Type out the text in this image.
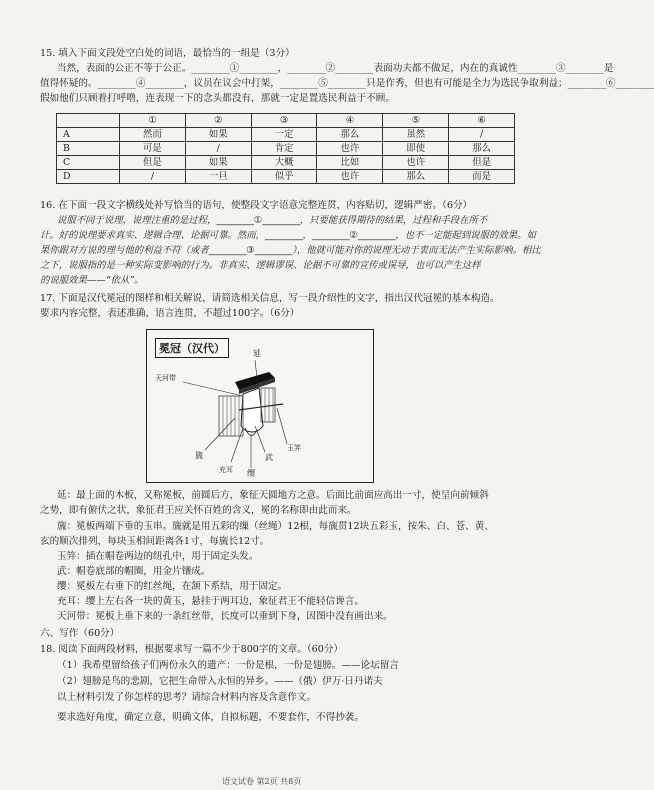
15. 填入下面文段处空白处的词语，最恰当的一组是（3分）
当然，表面的公正不等于公正。________①________，________②________表面功夫都不做足，内在的真诚性________③________是
值得怀疑的。________④________，议员在议会中打架，________⑤________只是作秀，但也有可能是全力为选民争取利益；________⑥________
假如他们只顾着打呼噜，连表现一下的念头都没有，那就一定是置选民利益于不顾。
	①	②	③	④	⑤	⑥
A	然而	如果	一定	那么	虽然	/
B	可是	/	肯定	也许	即使	那么
C	但是	如果	大概	比如	也许	但是
D	/	一旦	似乎	也许	那么	而是
16. 在下面一段文字横线处补写恰当的语句，使整段文字语意完整连贯，内容贴切，逻辑严密。（6分）
说服不同于说理，说理注重的是过程，________①________，只要能获得期待的结果，过程和手段在所不
计。好的说理要求真实、逻辑合理、论据可靠。然而，________，________②________，也不一定能起到说服的效果。如
果你跟对方说的理与他的利益不符（或者________③________），他就可能对你的说理无动于衷而无法产生实际影响。相比
之下，说服指的是一种实际变影响的行为。非真实、逻辑谬误、论据不可靠的宣传或误导，也可以产生这样
的说服效果——“依从”。
17. 下面是汉代冕冠的图样和相关解说，请简选相关信息，写一段介绍性的文字，指出汉代冠冕的基本构造。
要求内容完整，表述准确，语言连贯，不超过100字。（6分）
冕冠（汉代）	延
天河带
旒
玉笄
充耳 缨
武
延：最上面的木板，又称冕板，前圆后方，象征天圆地方之意。后面比前面应高出一寸，使呈向前倾斜
之势，即有俯伏之状，象征君王应关怀百姓的含义，冕的名称即由此而来。
旒：冕板两端下垂的玉串。旒就是用五彩的缫（丝绳）12根，每旒贯12块五彩玉，按朱、白、苍、黄、
玄的顺次排列，每块玉相间距离各1寸，每旒长12寸。
玉笄：插在帽卷两边的纽孔中，用于固定头发。
武：帽卷底部的帽圈，用金片镶成。
缨：冕板左右垂下的红丝绳，在颔下系结，用于固定。
充耳：缨上左右各一块的黄玉，悬挂于两耳边，象征君王不能轻信谗言。
天河带：冕板上垂下来的一条红丝带，长度可以垂到下身，因图中没有画出来。
六、写作（60分）
18. 阅读下面两段材料，根据要求写一篇不少于800字的文章。（60分）
（1）我希望留给孩子们两份永久的遗产：一份是根，一份是翅膀。——论坛留言
（2）翅膀是鸟的悲剧，它把生命带入永恒的异乡。——（俄）伊万·日丹诺夫
以上材料引发了你怎样的思考？请综合材料内容及含意作文。
要求选好角度，确定立意，明确文体，自拟标题，不要套作，不得抄袭。
语文试卷 第2页 共8页
